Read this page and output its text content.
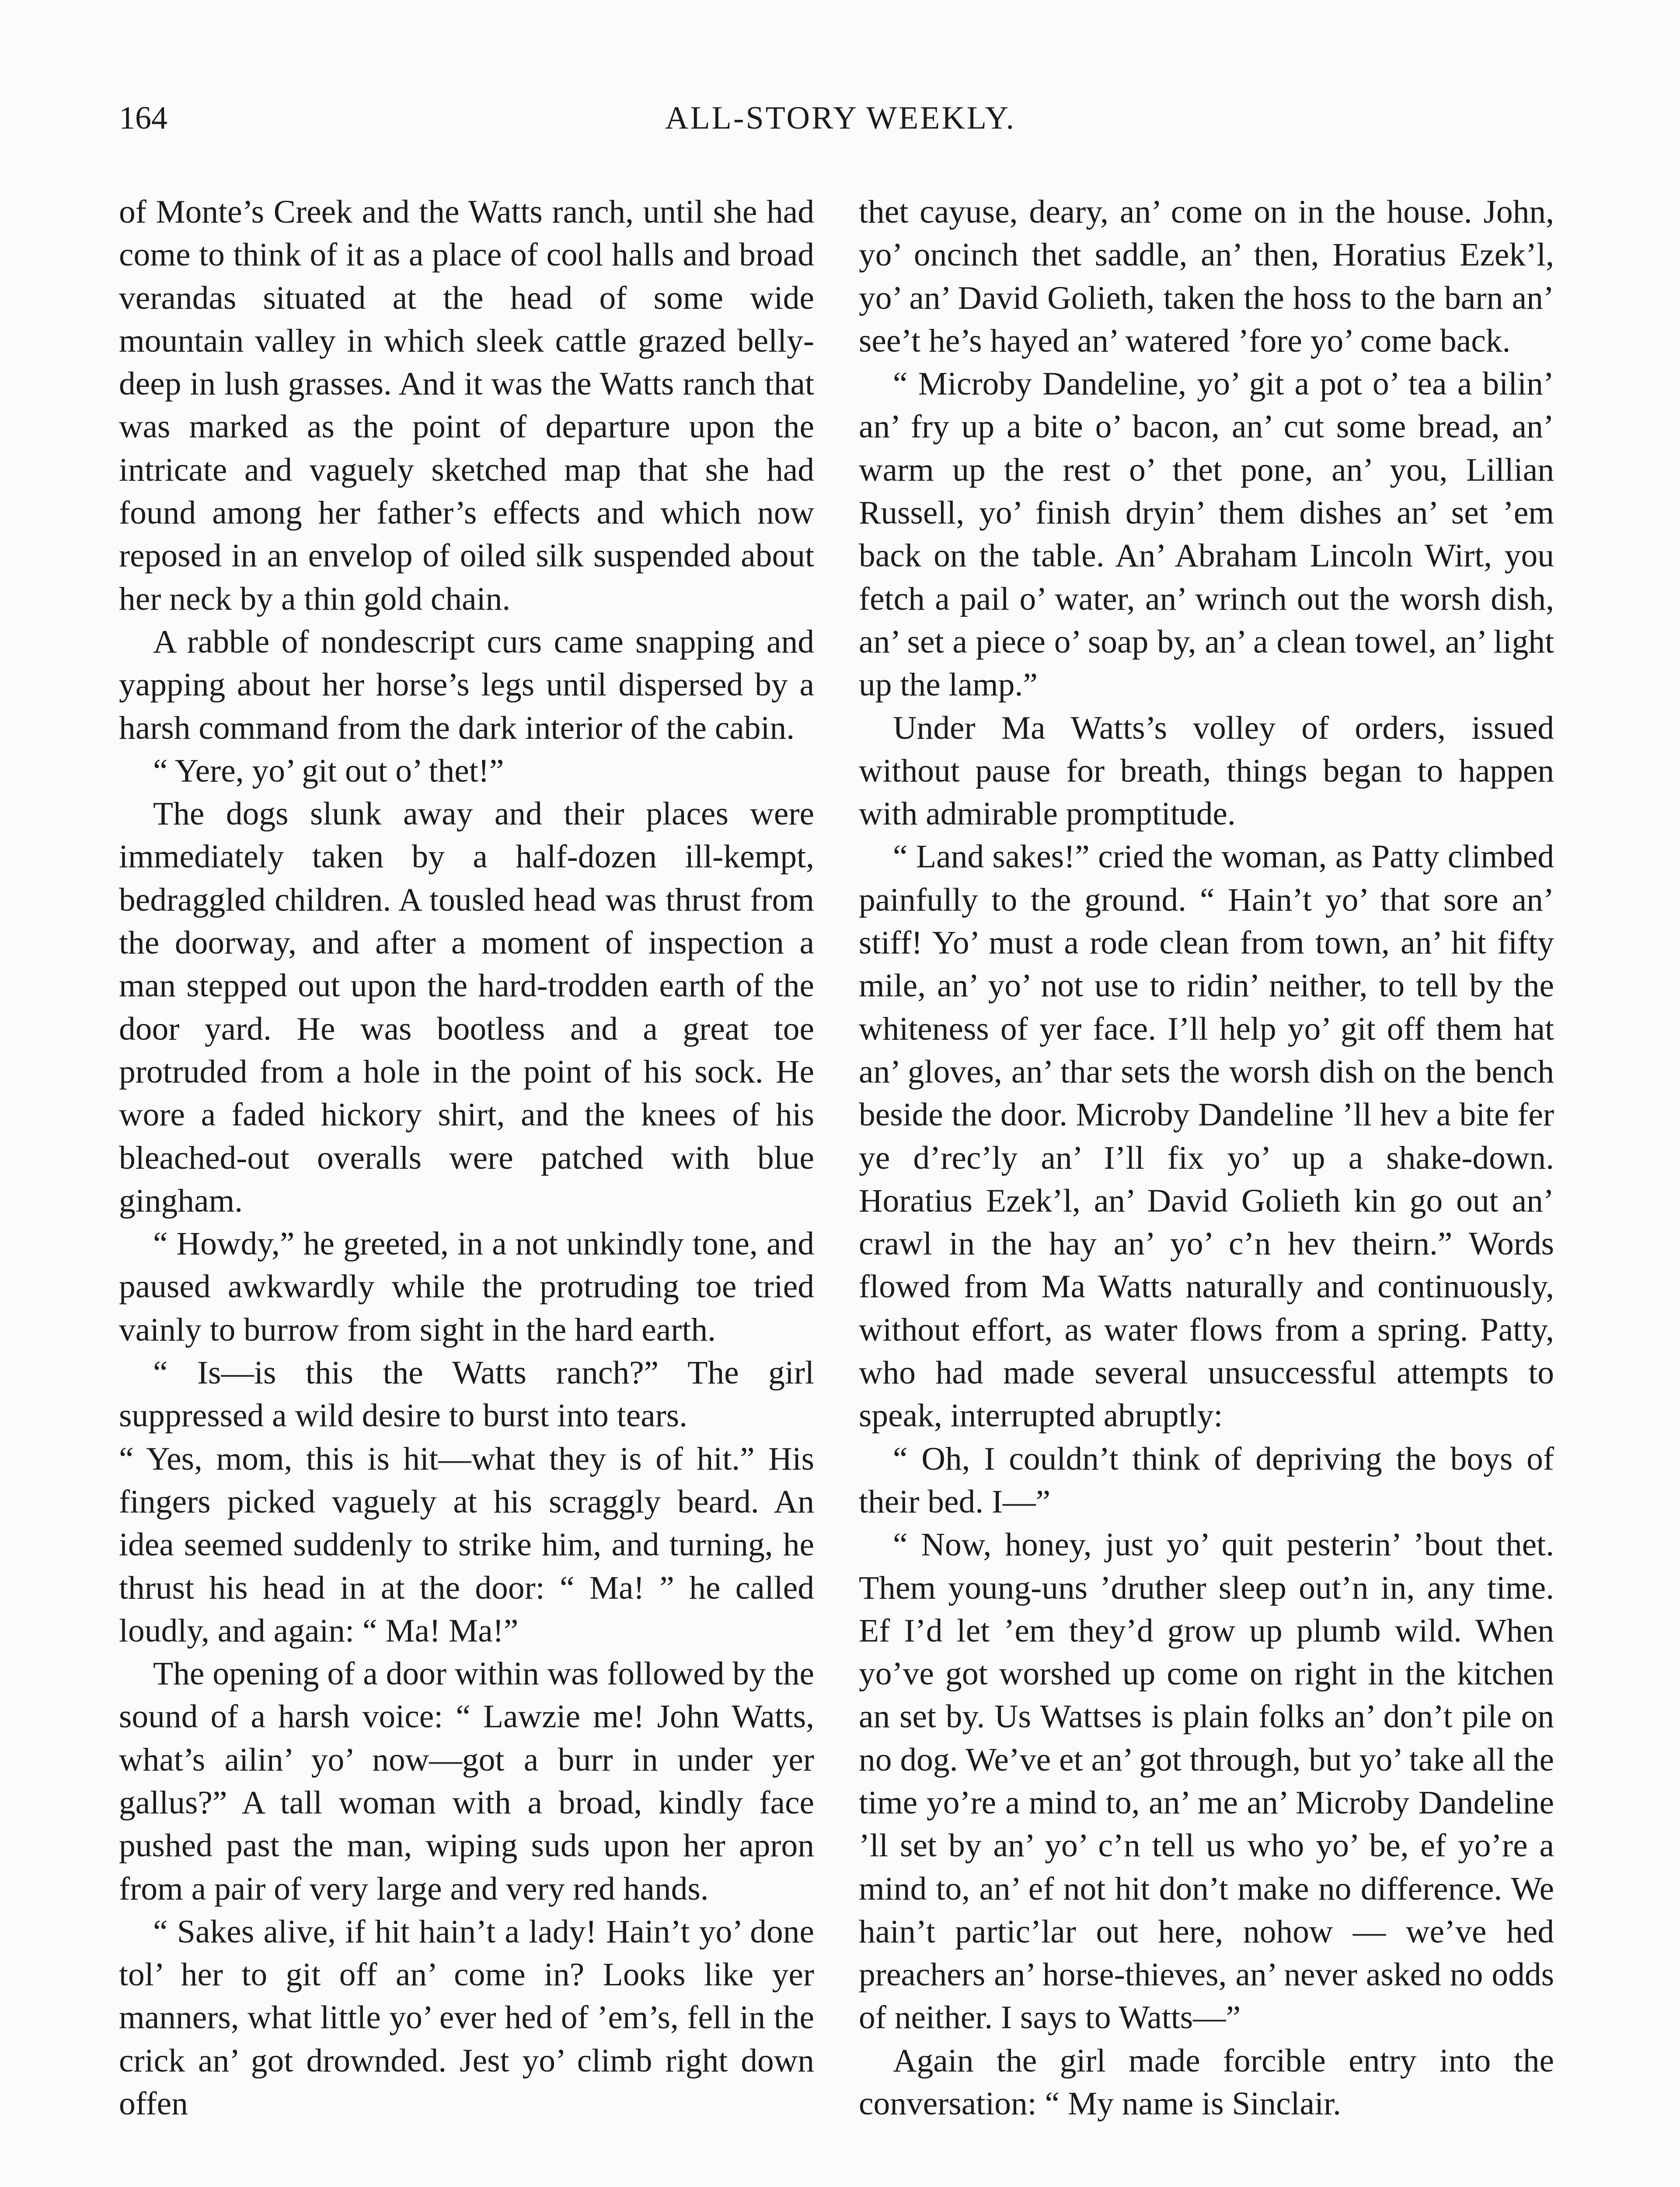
164	ALL-STORY WEEKLY.

of Monte’s Creek and the Watts ranch, until she had come to think of it as a place of cool halls and broad verandas situated at the head of some wide mountain valley in which sleek cattle grazed belly-deep in lush grasses. And it was the Watts ranch that was marked as the point of departure upon the intricate and vaguely sketched map that she had found among her father’s effects and which now reposed in an envelop of oiled silk suspended about her neck by a thin gold chain.

A rabble of nondescript curs came snapping and yapping about her horse’s legs until dispersed by a harsh command from the dark interior of the cabin.

“ Yere, yo’ git out o’ thet!”

The dogs slunk away and their places were immediately taken by a half-dozen ill-kempt, bedraggled children. A tousled head was thrust from the doorway, and after a moment of inspection a man stepped out upon the hard-trodden earth of the door yard. He was bootless and a great toe protruded from a hole in the point of his sock. He wore a faded hickory shirt, and the knees of his bleached-out overalls were patched with blue gingham.

“ Howdy,” he greeted, in a not unkindly tone, and paused awkwardly while the protruding toe tried vainly to burrow from sight in the hard earth.

“ Is—is this the Watts ranch?” The girl suppressed a wild desire to burst into tears.

“ Yes, mom, this is hit—what they is of hit.” His fingers picked vaguely at his scraggly beard. An idea seemed suddenly to strike him, and turning, he thrust his head in at the door: “ Ma! ” he called loudly, and again: “ Ma! Ma!”

The opening of a door within was followed by the sound of a harsh voice: “ Lawzie me! John Watts, what’s ailin’ yo’ now—got a burr in under yer gallus?” A tall woman with a broad, kindly face pushed past the man, wiping suds upon her apron from a pair of very large and very red hands.

“ Sakes alive, if hit hain’t a lady! Hain’t yo’ done tol’ her to git off an’ come in? Looks like yer manners, what little yo’ ever hed of ’em’s, fell in the crick an’ got drownded. Jest yo’ climb right down offen

thet cayuse, deary, an’ come on in the house. John, yo’ oncinch thet saddle, an’ then, Horatius Ezek’l, yo’ an’ David Golieth, taken the hoss to the barn an’ see’t he’s hayed an’ watered ’fore yo’ come back.

“ Microby Dandeline, yo’ git a pot o’ tea a bilin’ an’ fry up a bite o’ bacon, an’ cut some bread, an’ warm up the rest o’ thet pone, an’ you, Lillian Russell, yo’ finish dryin’ them dishes an’ set ’em back on the table. An’ Abraham Lincoln Wirt, you fetch a pail o’ water, an’ wrinch out the worsh dish, an’ set a piece o’ soap by, an’ a clean towel, an’ light up the lamp.”

Under Ma Watts’s volley of orders, issued without pause for breath, things began to happen with admirable promptitude.

“ Land sakes!” cried the woman, as Patty climbed painfully to the ground. “ Hain’t yo’ that sore an’ stiff! Yo’ must a rode clean from town, an’ hit fifty mile, an’ yo’ not use to ridin’ neither, to tell by the whiteness of yer face. I’ll help yo’ git off them hat an’ gloves, an’ thar sets the worsh dish on the bench beside the door. Microby Dandeline ’ll hev a bite fer ye d’rec’ly an’ I’ll fix yo’ up a shake-down. Horatius Ezek’l, an’ David Golieth kin go out an’ crawl in the hay an’ yo’ c’n hev theirn.” Words flowed from Ma Watts naturally and continuously, without effort, as water flows from a spring. Patty, who had made several unsuccessful attempts to speak, interrupted abruptly:

“ Oh, I couldn’t think of depriving the boys of their bed. I—”

“ Now, honey, just yo’ quit pesterin’ ’bout thet. Them young-uns ’druther sleep out’n in, any time. Ef I’d let ’em they’d grow up plumb wild. When yo’ve got worshed up come on right in the kitchen an set by. Us Wattses is plain folks an’ don’t pile on no dog. We’ve et an’ got through, but yo’ take all the time yo’re a mind to, an’ me an’ Microby Dandeline ’ll set by an’ yo’ c’n tell us who yo’ be, ef yo’re a mind to, an’ ef not hit don’t make no difference. We hain’t partic’lar out here, nohow — we’ve hed preachers an’ horse-thieves, an’ never asked no odds of neither. I says to Watts—”

Again the girl made forcible entry into the conversation: “ My name is Sinclair.
